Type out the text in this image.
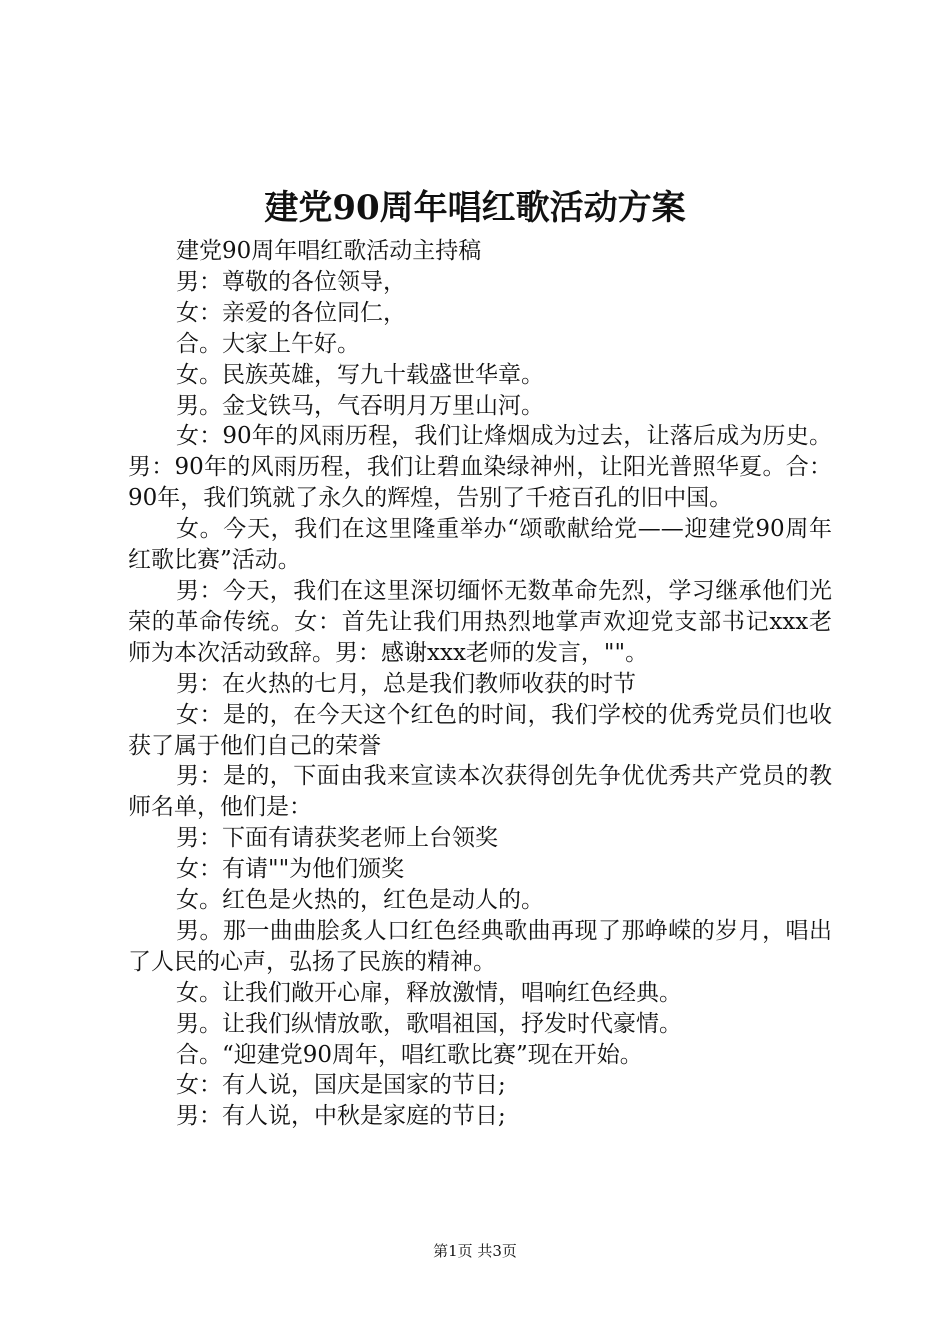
建党90周年唱红歌活动方案

建党90周年唱红歌活动主持稿

男：尊敬的各位领导，

女：亲爱的各位同仁，

合。大家上午好。

女。民族英雄，写九十载盛世华章。

男。金戈铁马，气吞明月万里山河。

女：90年的风雨历程，我们让烽烟成为过去，让落后成为历史。男：90年的风雨历程，我们让碧血染绿神州，让阳光普照华夏。合：90年，我们筑就了永久的辉煌，告别了千疮百孔的旧中国。

女。今天，我们在这里隆重举办“颂歌献给党——迎建党90周年红歌比赛”活动。

男：今天，我们在这里深切缅怀无数革命先烈，学习继承他们光荣的革命传统。女：首先让我们用热烈地掌声欢迎党支部书记xxx老师为本次活动致辞。男：感谢xxx老师的发言，""。

男：在火热的七月，总是我们教师收获的时节

女：是的，在今天这个红色的时间，我们学校的优秀党员们也收获了属于他们自己的荣誉

男：是的，下面由我来宣读本次获得创先争优优秀共产党员的教师名单，他们是：

男：下面有请获奖老师上台领奖

女：有请""为他们颁奖

女。红色是火热的，红色是动人的。

男。那一曲曲脍炙人口红色经典歌曲再现了那峥嵘的岁月，唱出了人民的心声，弘扬了民族的精神。

女。让我们敞开心扉，释放激情，唱响红色经典。

男。让我们纵情放歌，歌唱祖国，抒发时代豪情。

合。“迎建党90周年，唱红歌比赛”现在开始。

女：有人说，国庆是国家的节日;

男：有人说，中秋是家庭的节日;

第1页 共3页
